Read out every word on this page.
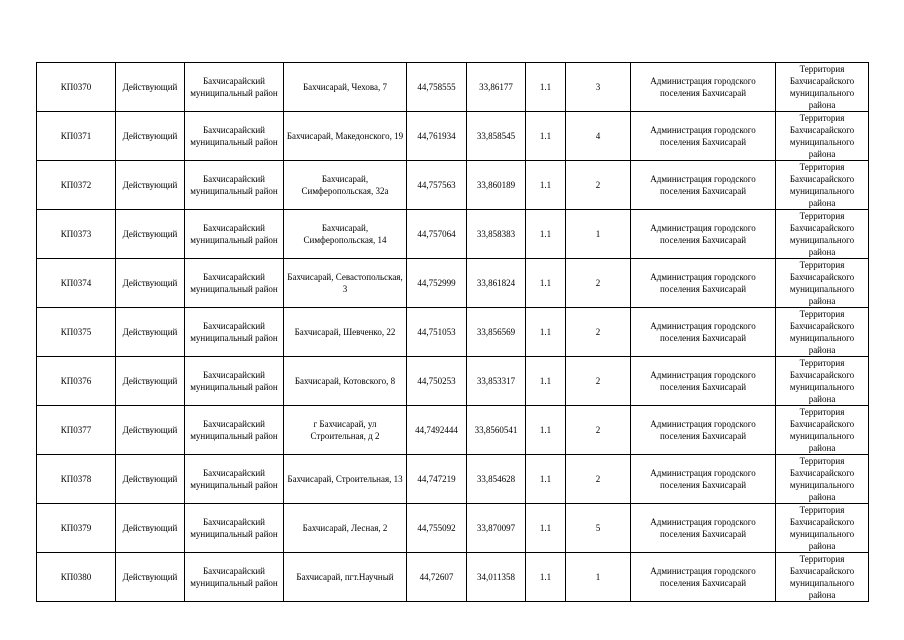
КП0370	Действующий	Бахчисарайский муниципальный район	Бахчисарай, Чехова, 7	44,758555	33,86177	1.1	3	Администрация городского поселения Бахчисарай	Территория Бахчисарайского муниципального района
КП0371	Действующий	Бахчисарайский муниципальный район	Бахчисарай, Македонского, 19	44,761934	33,858545	1.1	4	Администрация городского поселения Бахчисарай	Территория Бахчисарайского муниципального района
КП0372	Действующий	Бахчисарайский муниципальный район	Бахчисарай, Симферопольская, 32а	44,757563	33,860189	1.1	2	Администрация городского поселения Бахчисарай	Территория Бахчисарайского муниципального района
КП0373	Действующий	Бахчисарайский муниципальный район	Бахчисарай, Симферопольская, 14	44,757064	33,858383	1.1	1	Администрация городского поселения Бахчисарай	Территория Бахчисарайского муниципального района
КП0374	Действующий	Бахчисарайский муниципальный район	Бахчисарай, Севастопольская, 3	44,752999	33,861824	1.1	2	Администрация городского поселения Бахчисарай	Территория Бахчисарайского муниципального района
КП0375	Действующий	Бахчисарайский муниципальный район	Бахчисарай, Шевченко, 22	44,751053	33,856569	1.1	2	Администрация городского поселения Бахчисарай	Территория Бахчисарайского муниципального района
КП0376	Действующий	Бахчисарайский муниципальный район	Бахчисарай, Котовского, 8	44,750253	33,853317	1.1	2	Администрация городского поселения Бахчисарай	Территория Бахчисарайского муниципального района
КП0377	Действующий	Бахчисарайский муниципальный район	г Бахчисарай, ул Строительная, д 2	44,7492444	33,8560541	1.1	2	Администрация городского поселения Бахчисарай	Территория Бахчисарайского муниципального района
КП0378	Действующий	Бахчисарайский муниципальный район	Бахчисарай, Строительная, 13	44,747219	33,854628	1.1	2	Администрация городского поселения Бахчисарай	Территория Бахчисарайского муниципального района
КП0379	Действующий	Бахчисарайский муниципальный район	Бахчисарай, Лесная, 2	44,755092	33,870097	1.1	5	Администрация городского поселения Бахчисарай	Территория Бахчисарайского муниципального района
КП0380	Действующий	Бахчисарайский муниципальный район	Бахчисарай, пгт.Научный	44,72607	34,011358	1.1	1	Администрация городского поселения Бахчисарай	Территория Бахчисарайского муниципального района
